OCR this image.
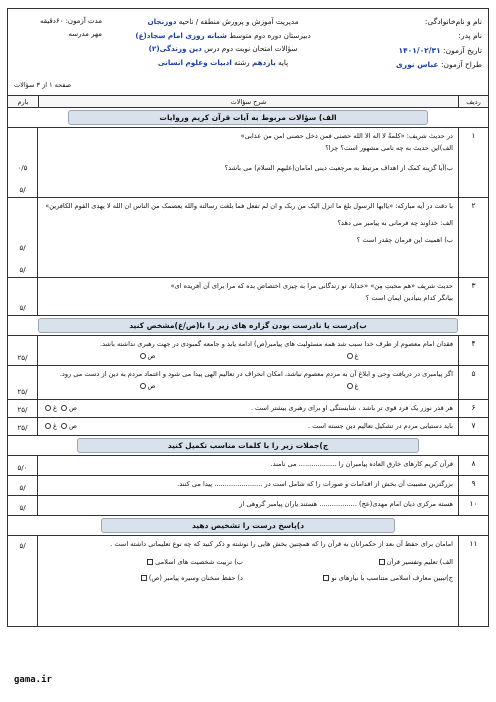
نام و نام‌خانوادگی:
نام پدر:
تاریخ آزمون: ۱۴۰۱/۰۲/۳۱
طراح آزمون: عباس نوری
مدیریت آموزش و پرورش منطقه / ناحیه دوزنجان
دبیرستان دوره دوم متوسط شبانه روزی امام سجاد(ع)
سؤالات امتحان نوبت دوم درس دین وزندگی(۲)
پایه یازدهم رشته ادبیات وعلوم انسانی
مدت آزمون: ۶۰دقیقه
مهر مدرسه
صفحه ۱ از ۳ سؤالات
ردیف
شرح سؤالات
بارم
الف) سؤالات مربوط به آیات قرآن کریم وروایات
۱
در حدیث شریف: «کلمةُ لا اله الا الله حصنی فمن دخل حصنی امن من عذابی»
الف)این حدیث به چه نامی مشهور است؟ چرا؟
ب)آیا گزینه کمک از اهداف مرتبط به مرجعیت دینی امامان(علیهم السلام) می باشد؟
۰/۵
۵/
۲
با دقت در آیه مبارکه: «یاایها الرسول بلغ ما انزل الیک من ربک و ان لم تفعل فما بلغت رسالته والله یعصمک من الناس ان الله لا یهدی القوم الکافرین»
الف: خداوند چه فرمانی به پیامبر می دهد؟
ب) اهمیت این فرمان چقدر است ؟
۵/
۵/
۳
حدیث شریف «هم محبتِ مِن» «خدایا، تو زندگانی مرا به چیزی اختصاص بده که مرا برای آن آفریده ای»
بیانگر کدام بنیادین ایمان است ؟
۵/
ب)درست یا نادرست بودن گزاره های زیر را با(ص/غ)مشخص کنید
۴
فقدان امام معصوم از طرف خدا سبب شد همه مسئولیت های پیامبر(ص) ادامه یابد و جامعه گمبودی در جهت رهبری نداشته باشد.
ص	غ
۲۵/
۵
اگر پیامبری در دریافت وحی و ابلاغ آن به مردم معصوم نباشد، امکان انحراف در تعالیم الهی پیدا می شود و اعتماد مردم به دین از دست می رود.
ص	غ
۲۵/
۶
هر قدر نوزر یک فرد قوی تر باشد ، شایستگی او برای رهبری بیشتر است .
ص غ
۲۵/
۷
باید دستیابی مردم در تشکیل تعالیم دین جسته است .
ص غ
۲۵/
ج)جملات زیر را با کلمات مناسب تکمیل کنید
۸
قرآن کریم کارهای خارق العاده پیامبران را .................. می نامند.
۵/۰
۹
بزرگترین مصیبت آن بخش از اقدامات و صورات را که شامل است در ....................... پیدا می کنند.
۵/
۱۰
هسته مرکزی دیان امام مهدی(عج) .................. هستند یاران پیامبر گروهی از
۵/
د)پاسخ درست را تشخیص دهید
۱۱
امامان برای حفظ آن بعد از حکمرانان به قرآن را که همچنین بخش هایی را نوشته و ذکر کنید که چه نوع تعلیماتی داشته است .
الف) تعلیم وتفسیر قرآن
ب) تربیت شخصیت های اسلامی
ج)تبیین معارف اسلامی متناسب با نیازهای نو
د) حفظ سخنان وسیره پیامبر (ص)
۵/
gama.ir
